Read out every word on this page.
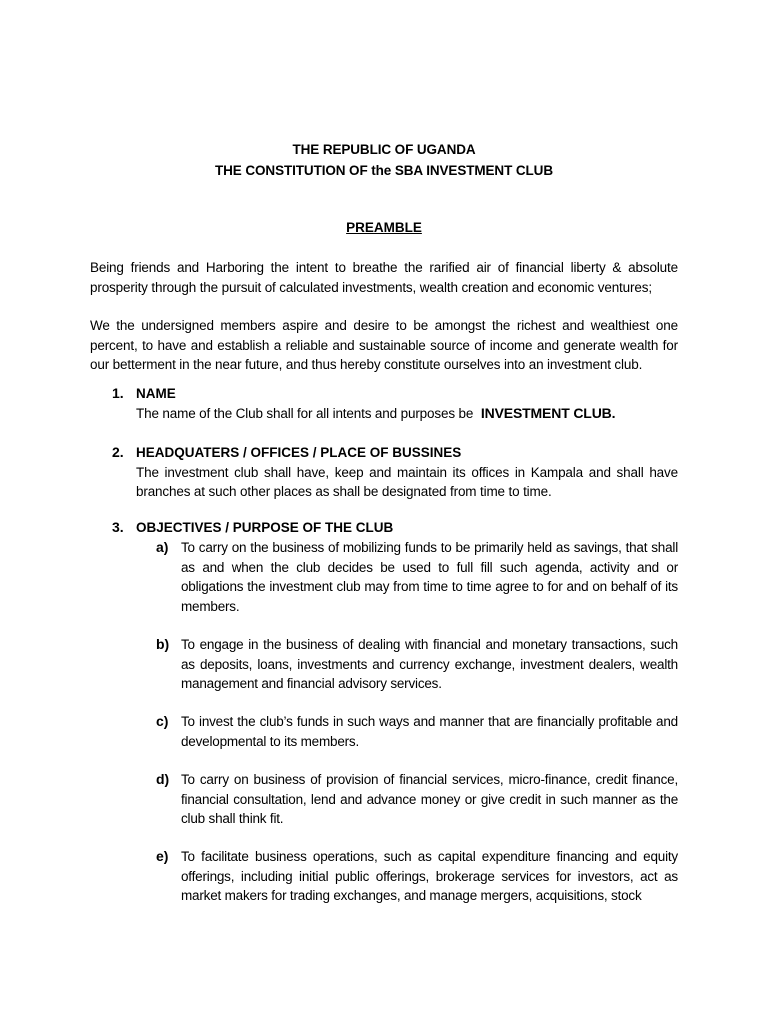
THE REPUBLIC OF UGANDA
THE CONSTITUTION OF the SBA INVESTMENT CLUB
PREAMBLE
Being friends and Harboring the intent to breathe the rarified air of financial liberty & absolute prosperity through the pursuit of calculated investments, wealth creation and economic ventures;
We the undersigned members aspire and desire to be amongst the richest and wealthiest one percent, to have and establish a reliable and sustainable source of income and generate wealth for our betterment in the near future, and thus hereby constitute ourselves into an investment club.
1. NAME
The name of the Club shall for all intents and purposes be INVESTMENT CLUB.
2. HEADQUATERS / OFFICES / PLACE OF BUSSINES
The investment club shall have, keep and maintain its offices in Kampala and shall have branches at such other places as shall be designated from time to time.
3. OBJECTIVES / PURPOSE OF THE CLUB
a) To carry on the business of mobilizing funds to be primarily held as savings, that shall as and when the club decides be used to full fill such agenda, activity and or obligations the investment club may from time to time agree to for and on behalf of its members.
b) To engage in the business of dealing with financial and monetary transactions, such as deposits, loans, investments and currency exchange, investment dealers, wealth management and financial advisory services.
c) To invest the club’s funds in such ways and manner that are financially profitable and developmental to its members.
d) To carry on business of provision of financial services, micro-finance, credit finance, financial consultation, lend and advance money or give credit in such manner as the club shall think fit.
e) To facilitate business operations, such as capital expenditure financing and equity offerings, including initial public offerings, brokerage services for investors, act as market makers for trading exchanges, and manage mergers, acquisitions, stock
